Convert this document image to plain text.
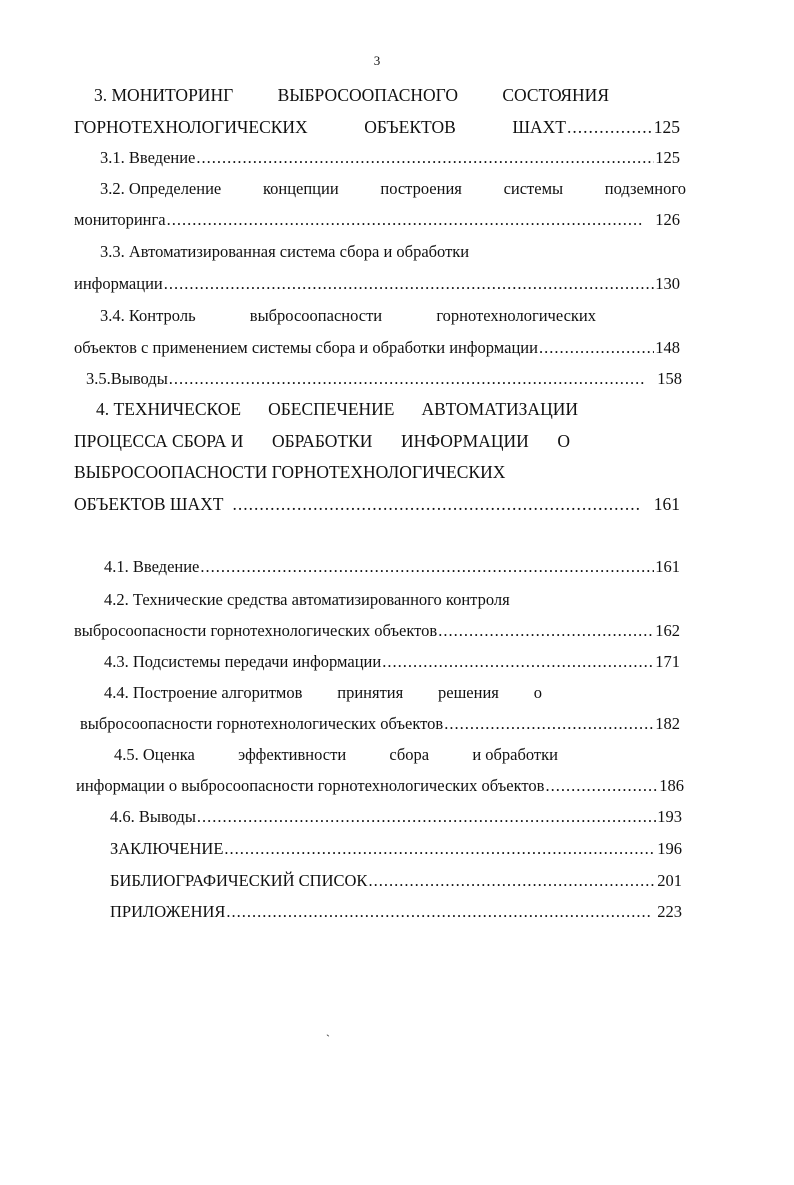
3
3. МОНИТОРИНГ	ВЫБРОСООПАСНОГО	СОСТОЯНИЯ
ГОРНОТЕХНОЛОГИЧЕСКИХ	ОБЪЕКТОВ	ШАХТ .....	125
3.1. Введение .....	125
3.2. Определение	концепции	построения	системы	подземного
мониторинга .....	126
3.3. Автоматизированная система сбора и обработки
информации .....	130
3.4. Контроль	выбросоопасности	горнотехнологических
объектов с применением системы сбора и обработки информации .....	148
3.5.Выводы .....	158
4. ТЕХНИЧЕСКОЕ ОБЕСПЕЧЕНИЕ АВТОМАТИЗАЦИИ
ПРОЦЕССА СБОРА И ОБРАБОТКИ ИНФОРМАЦИИ О
ВЫБРОСООПАСНОСТИ ГОРНОТЕХНОЛОГИЧЕСКИХ
ОБЪЕКТОВ ШАХТ .....	161
4.1. Введение .....	161
4.2. Технические средства автоматизированного контроля
выбросоопасности горнотехнологических объектов .....	162
4.3. Подсистемы передачи информации .....	171
4.4. Построение алгоритмов принятия решения о
выбросоопасности горнотехнологических объектов .....	182
4.5. Оценка	эффективности	сбора	и обработки
информации о выбросоопасности горнотехнологических объектов .....	186
4.6. Выводы .....	193
ЗАКЛЮЧЕНИЕ .....	196
БИБЛИОГРАФИЧЕСКИЙ СПИСОК .....	201
ПРИЛОЖЕНИЯ .....	223
`
